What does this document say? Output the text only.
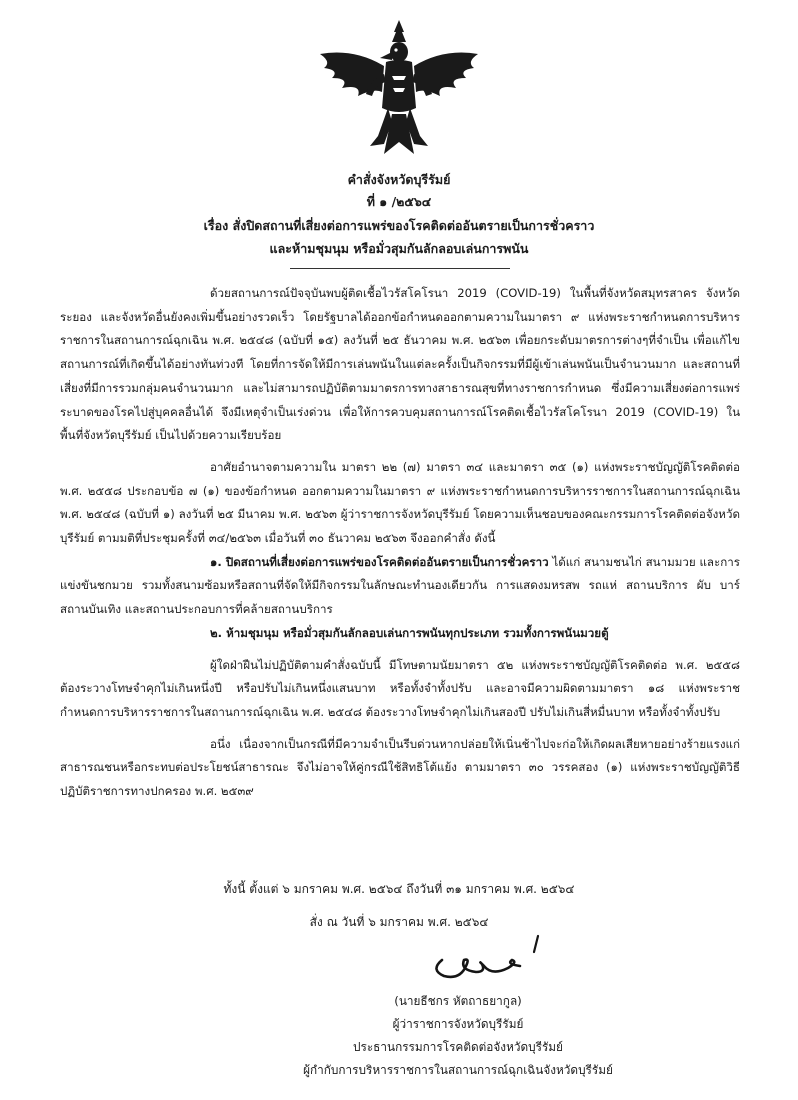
คำสั่งจังหวัดบุรีรัมย์
ที่ ๑ /๒๕๖๔
เรื่อง สั่งปิดสถานที่เสี่ยงต่อการแพร่ของโรคติดต่ออันตรายเป็นการชั่วคราว
และห้ามชุมนุม หรือมั่วสุมกันลักลอบเล่นการพนัน

ด้วยสถานการณ์ปัจจุบันพบผู้ติดเชื้อไวรัสโคโรนา 2019 (COVID-19) ในพื้นที่จังหวัดสมุทรสาคร จังหวัดระยอง และจังหวัดอื่นยังคงเพิ่มขึ้นอย่างรวดเร็ว โดยรัฐบาลได้ออกข้อกำหนดออกตามความในมาตรา ๙ แห่งพระราชกำหนดการบริหารราชการในสถานการณ์ฉุกเฉิน พ.ศ. ๒๕๔๘ (ฉบับที่ ๑๕) ลงวันที่ ๒๕ ธันวาคม พ.ศ. ๒๕๖๓ เพื่อยกระดับมาตรการต่างๆที่จำเป็น เพื่อแก้ไขสถานการณ์ที่เกิดขึ้นได้อย่างทันท่วงที โดยที่การจัดให้มีการเล่นพนันในแต่ละครั้งเป็นกิจกรรมที่มีผู้เข้าเล่นพนันเป็นจำนวนมาก และสถานที่เสี่ยงที่มีการรวมกลุ่มคนจำนวนมาก และไม่สามารถปฏิบัติตามมาตรการทางสาธารณสุขที่ทางราชการกำหนด ซึ่งมีความเสี่ยงต่อการแพร่ระบาดของโรคไปสู่บุคคลอื่นได้ จึงมีเหตุจำเป็นเร่งด่วน เพื่อให้การควบคุมสถานการณ์โรคติดเชื้อไวรัสโคโรนา 2019 (COVID-19) ในพื้นที่จังหวัดบุรีรัมย์ เป็นไปด้วยความเรียบร้อย

อาศัยอำนาจตามความใน มาตรา ๒๒ (๗) มาตรา ๓๔ และมาตรา ๓๕ (๑) แห่งพระราชบัญญัติโรคติดต่อ พ.ศ. ๒๕๕๘ ประกอบข้อ ๗ (๑) ของข้อกำหนด ออกตามความในมาตรา ๙ แห่งพระราชกำหนดการบริหารราชการในสถานการณ์ฉุกเฉิน พ.ศ. ๒๕๔๘ (ฉบับที่ ๑) ลงวันที่ ๒๕ มีนาคม พ.ศ. ๒๕๖๓ ผู้ว่าราชการจังหวัดบุรีรัมย์ โดยความเห็นชอบของคณะกรรมการโรคติดต่อจังหวัดบุรีรัมย์ ตามมติที่ประชุมครั้งที่ ๓๔/๒๕๖๓ เมื่อวันที่ ๓๐ ธันวาคม ๒๕๖๓ จึงออกคำสั่ง ดังนี้

๑. ปิดสถานที่เสี่ยงต่อการแพร่ของโรคติดต่ออันตรายเป็นการชั่วคราว ได้แก่ สนามชนไก่ สนามมวย และการแข่งขันชกมวย รวมทั้งสนามซ้อมหรือสถานที่จัดให้มีกิจกรรมในลักษณะทำนองเดียวกัน การแสดงมหรสพ รถแห่ สถานบริการ ผับ บาร์ สถานบันเทิง และสถานประกอบการที่คล้ายสถานบริการ

๒. ห้ามชุมนุม หรือมั่วสุมกันลักลอบเล่นการพนันทุกประเภท รวมทั้งการพนันมวยตู้

ผู้ใดฝ่าฝืนไม่ปฏิบัติตามคำสั่งฉบับนี้ มีโทษตามนัยมาตรา ๕๒ แห่งพระราชบัญญัติโรคติดต่อ พ.ศ. ๒๕๕๘ ต้องระวางโทษจำคุกไม่เกินหนึ่งปี หรือปรับไม่เกินหนึ่งแสนบาท หรือทั้งจำทั้งปรับ และอาจมีความผิดตามมาตรา ๑๘ แห่งพระราชกำหนดการบริหารราชการในสถานการณ์ฉุกเฉิน พ.ศ. ๒๕๔๘ ต้องระวางโทษจำคุกไม่เกินสองปี ปรับไม่เกินสี่หมื่นบาท หรือทั้งจำทั้งปรับ

อนึ่ง เนื่องจากเป็นกรณีที่มีความจำเป็นรีบด่วนหากปล่อยให้เนิ่นช้าไปจะก่อให้เกิดผลเสียหายอย่างร้ายแรงแก่สาธารณชนหรือกระทบต่อประโยชน์สาธารณะ จึงไม่อาจให้คู่กรณีใช้สิทธิโต้แย้ง ตามมาตรา ๓๐ วรรคสอง (๑) แห่งพระราชบัญญัติวิธีปฏิบัติราชการทางปกครอง พ.ศ. ๒๕๓๙

ทั้งนี้ ตั้งแต่ ๖ มกราคม พ.ศ. ๒๕๖๔ ถึงวันที่ ๓๑ มกราคม พ.ศ. ๒๕๖๔
สั่ง ณ วันที่ ๖ มกราคม พ.ศ. ๒๕๖๔
(นายธีชกร หัตถาธยากูล)
ผู้ว่าราชการจังหวัดบุรีรัมย์
ประธานกรรมการโรคติดต่อจังหวัดบุรีรัมย์
ผู้กำกับการบริหารราชการในสถานการณ์ฉุกเฉินจังหวัดบุรีรัมย์
